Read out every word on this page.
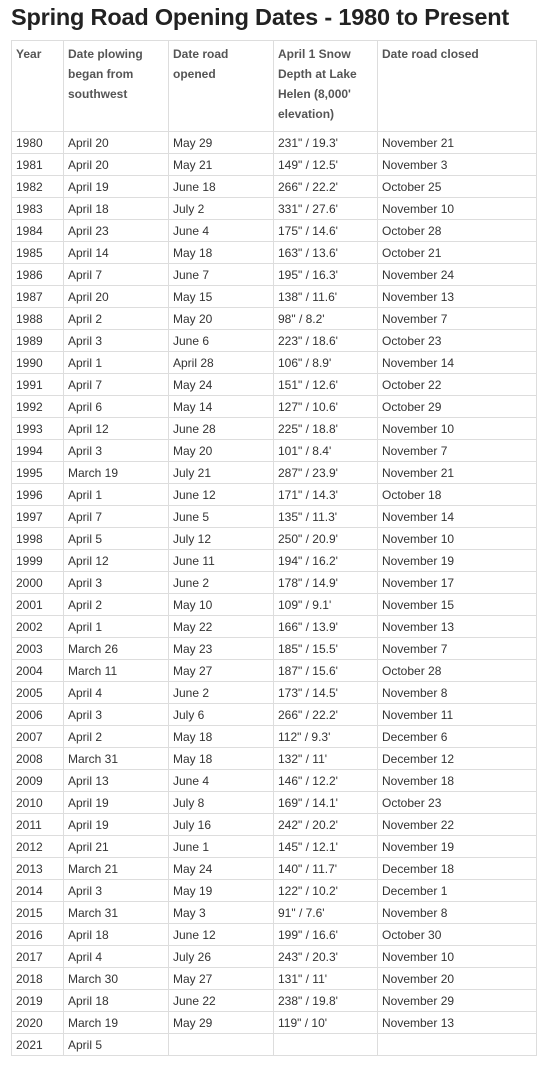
Spring Road Opening Dates - 1980 to Present
Year	Date plowing began from southwest	Date road opened	April 1 Snow Depth at Lake Helen (8,000' elevation)	Date road closed
1980	April 20	May 29	231" / 19.3'	November 21
1981	April 20	May 21	149" / 12.5'	November 3
1982	April 19	June 18	266" / 22.2'	October 25
1983	April 18	July 2	331" / 27.6'	November 10
1984	April 23	June 4	175" / 14.6'	October 28
1985	April 14	May 18	163" / 13.6'	October 21
1986	April 7	June 7	195" / 16.3'	November 24
1987	April 20	May 15	138" / 11.6'	November 13
1988	April 2	May 20	98" / 8.2'	November 7
1989	April 3	June 6	223" / 18.6'	October 23
1990	April 1	April 28	106" / 8.9'	November 14
1991	April 7	May 24	151" / 12.6'	October 22
1992	April 6	May 14	127" / 10.6'	October 29
1993	April 12	June 28	225" / 18.8'	November 10
1994	April 3	May 20	101" / 8.4'	November 7
1995	March 19	July 21	287" / 23.9'	November 21
1996	April 1	June 12	171" / 14.3'	October 18
1997	April 7	June 5	135" / 11.3'	November 14
1998	April 5	July 12	250" / 20.9'	November 10
1999	April 12	June 11	194" / 16.2'	November 19
2000	April 3	June 2	178" / 14.9'	November 17
2001	April 2	May 10	109" / 9.1'	November 15
2002	April 1	May 22	166" / 13.9'	November 13
2003	March 26	May 23	185" / 15.5'	November 7
2004	March 11	May 27	187" / 15.6'	October 28
2005	April 4	June 2	173" / 14.5'	November 8
2006	April 3	July 6	266" / 22.2'	November 11
2007	April 2	May 18	112" / 9.3'	December 6
2008	March 31	May 18	132" / 11'	December 12
2009	April 13	June 4	146" / 12.2'	November 18
2010	April 19	July 8	169" / 14.1'	October 23
2011	April 19	July 16	242" / 20.2'	November 22
2012	April 21	June 1	145" / 12.1'	November 19
2013	March 21	May 24	140" / 11.7'	December 18
2014	April 3	May 19	122" / 10.2'	December 1
2015	March 31	May 3	91" / 7.6'	November 8
2016	April 18	June 12	199" / 16.6'	October 30
2017	April 4	July 26	243" / 20.3'	November 10
2018	March 30	May 27	131" / 11'	November 20
2019	April 18	June 22	238" / 19.8'	November 29
2020	March 19	May 29	119" / 10'	November 13
2021	April 5			
